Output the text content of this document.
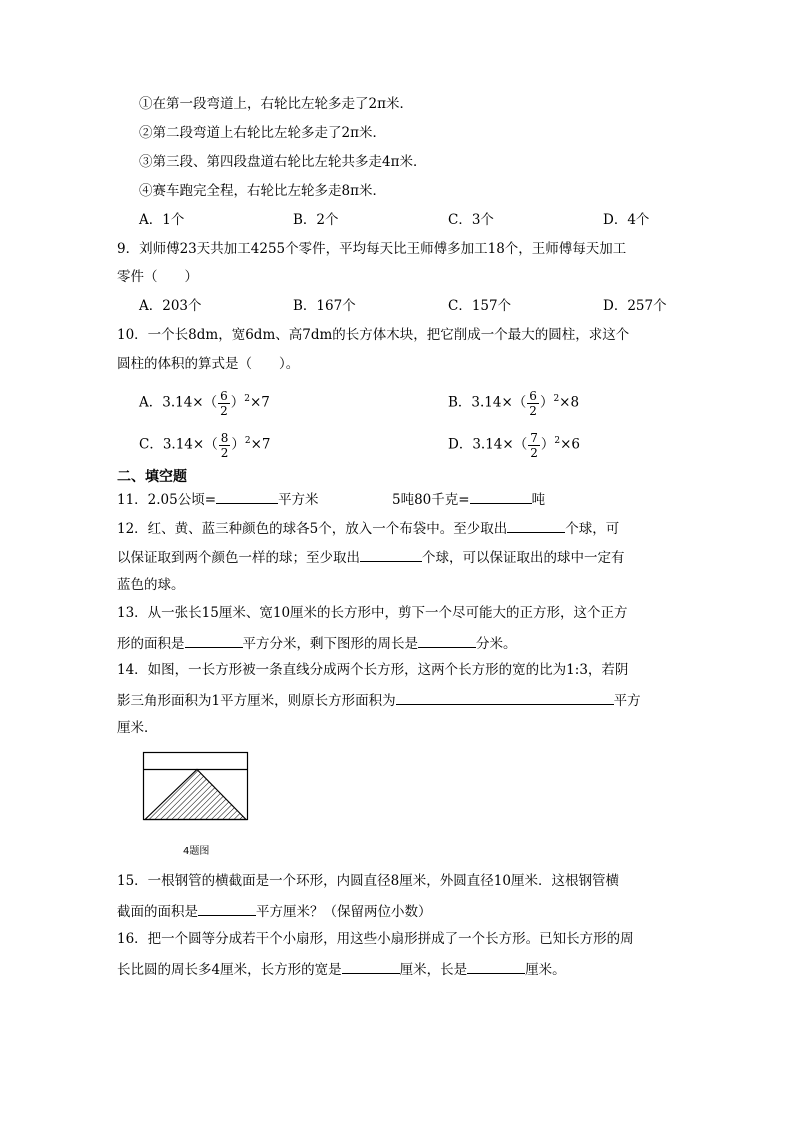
①在第一段弯道上，右轮比左轮多走了2π米．
②第二段弯道上右轮比左轮多走了2π米．
③第三段、第四段盘道右轮比左轮共多走4π米．
④赛车跑完全程，右轮比左轮多走8π米．
A．1个	B．2个	C．3个	D．4个
9．刘师傅23天共加工4255个零件，平均每天比王师傅多加工18个，王师傅每天加工
零件（　　）
A．203个	B．167个	C．157个	D．257个
10．一个长8dm，宽6dm、高7dm的长方体木块，把它削成一个最大的圆柱，求这个
圆柱的体积的算式是（　　）。
A．$3.14\times( \frac{6}{2} )^2\times 7$	B．$3.14\times( \frac{6}{2} )^2\times 8$
C．$3.14\times( \frac{8}{2} )^2\times 7$	D．$3.14\times( \frac{7}{2} )^2\times 6$
二、填空题
11．2.05公顷=	平方米	5吨80千克=	吨
12．红、黄、蓝三种颜色的球各5个，放入一个布袋中。至少取出	个球，可
以保证取到两个颜色一样的球；至少取出	个球，可以保证取出的球中一定有
蓝色的球。
13．从一张长15厘米、宽10厘米的长方形中，剪下一个尽可能大的正方形，这个正方
形的面积是	平方分米，剩下图形的周长是	分米。
14．如图，一长方形被一条直线分成两个长方形，这两个长方形的宽的比为1:3，若阴
影三角形面积为1平方厘米，则原长方形面积为	平方
厘米．
4题图
15．一根钢管的横截面是一个环形，内圆直径8厘米，外圆直径10厘米．这根钢管横
截面的面积是	平方厘米？（保留两位小数）
16．把一个圆等分成若干个小扇形，用这些小扇形拼成了一个长方形。已知长方形的周
长比圆的周长多4厘米，长方形的宽是	厘米，长是	厘米。
